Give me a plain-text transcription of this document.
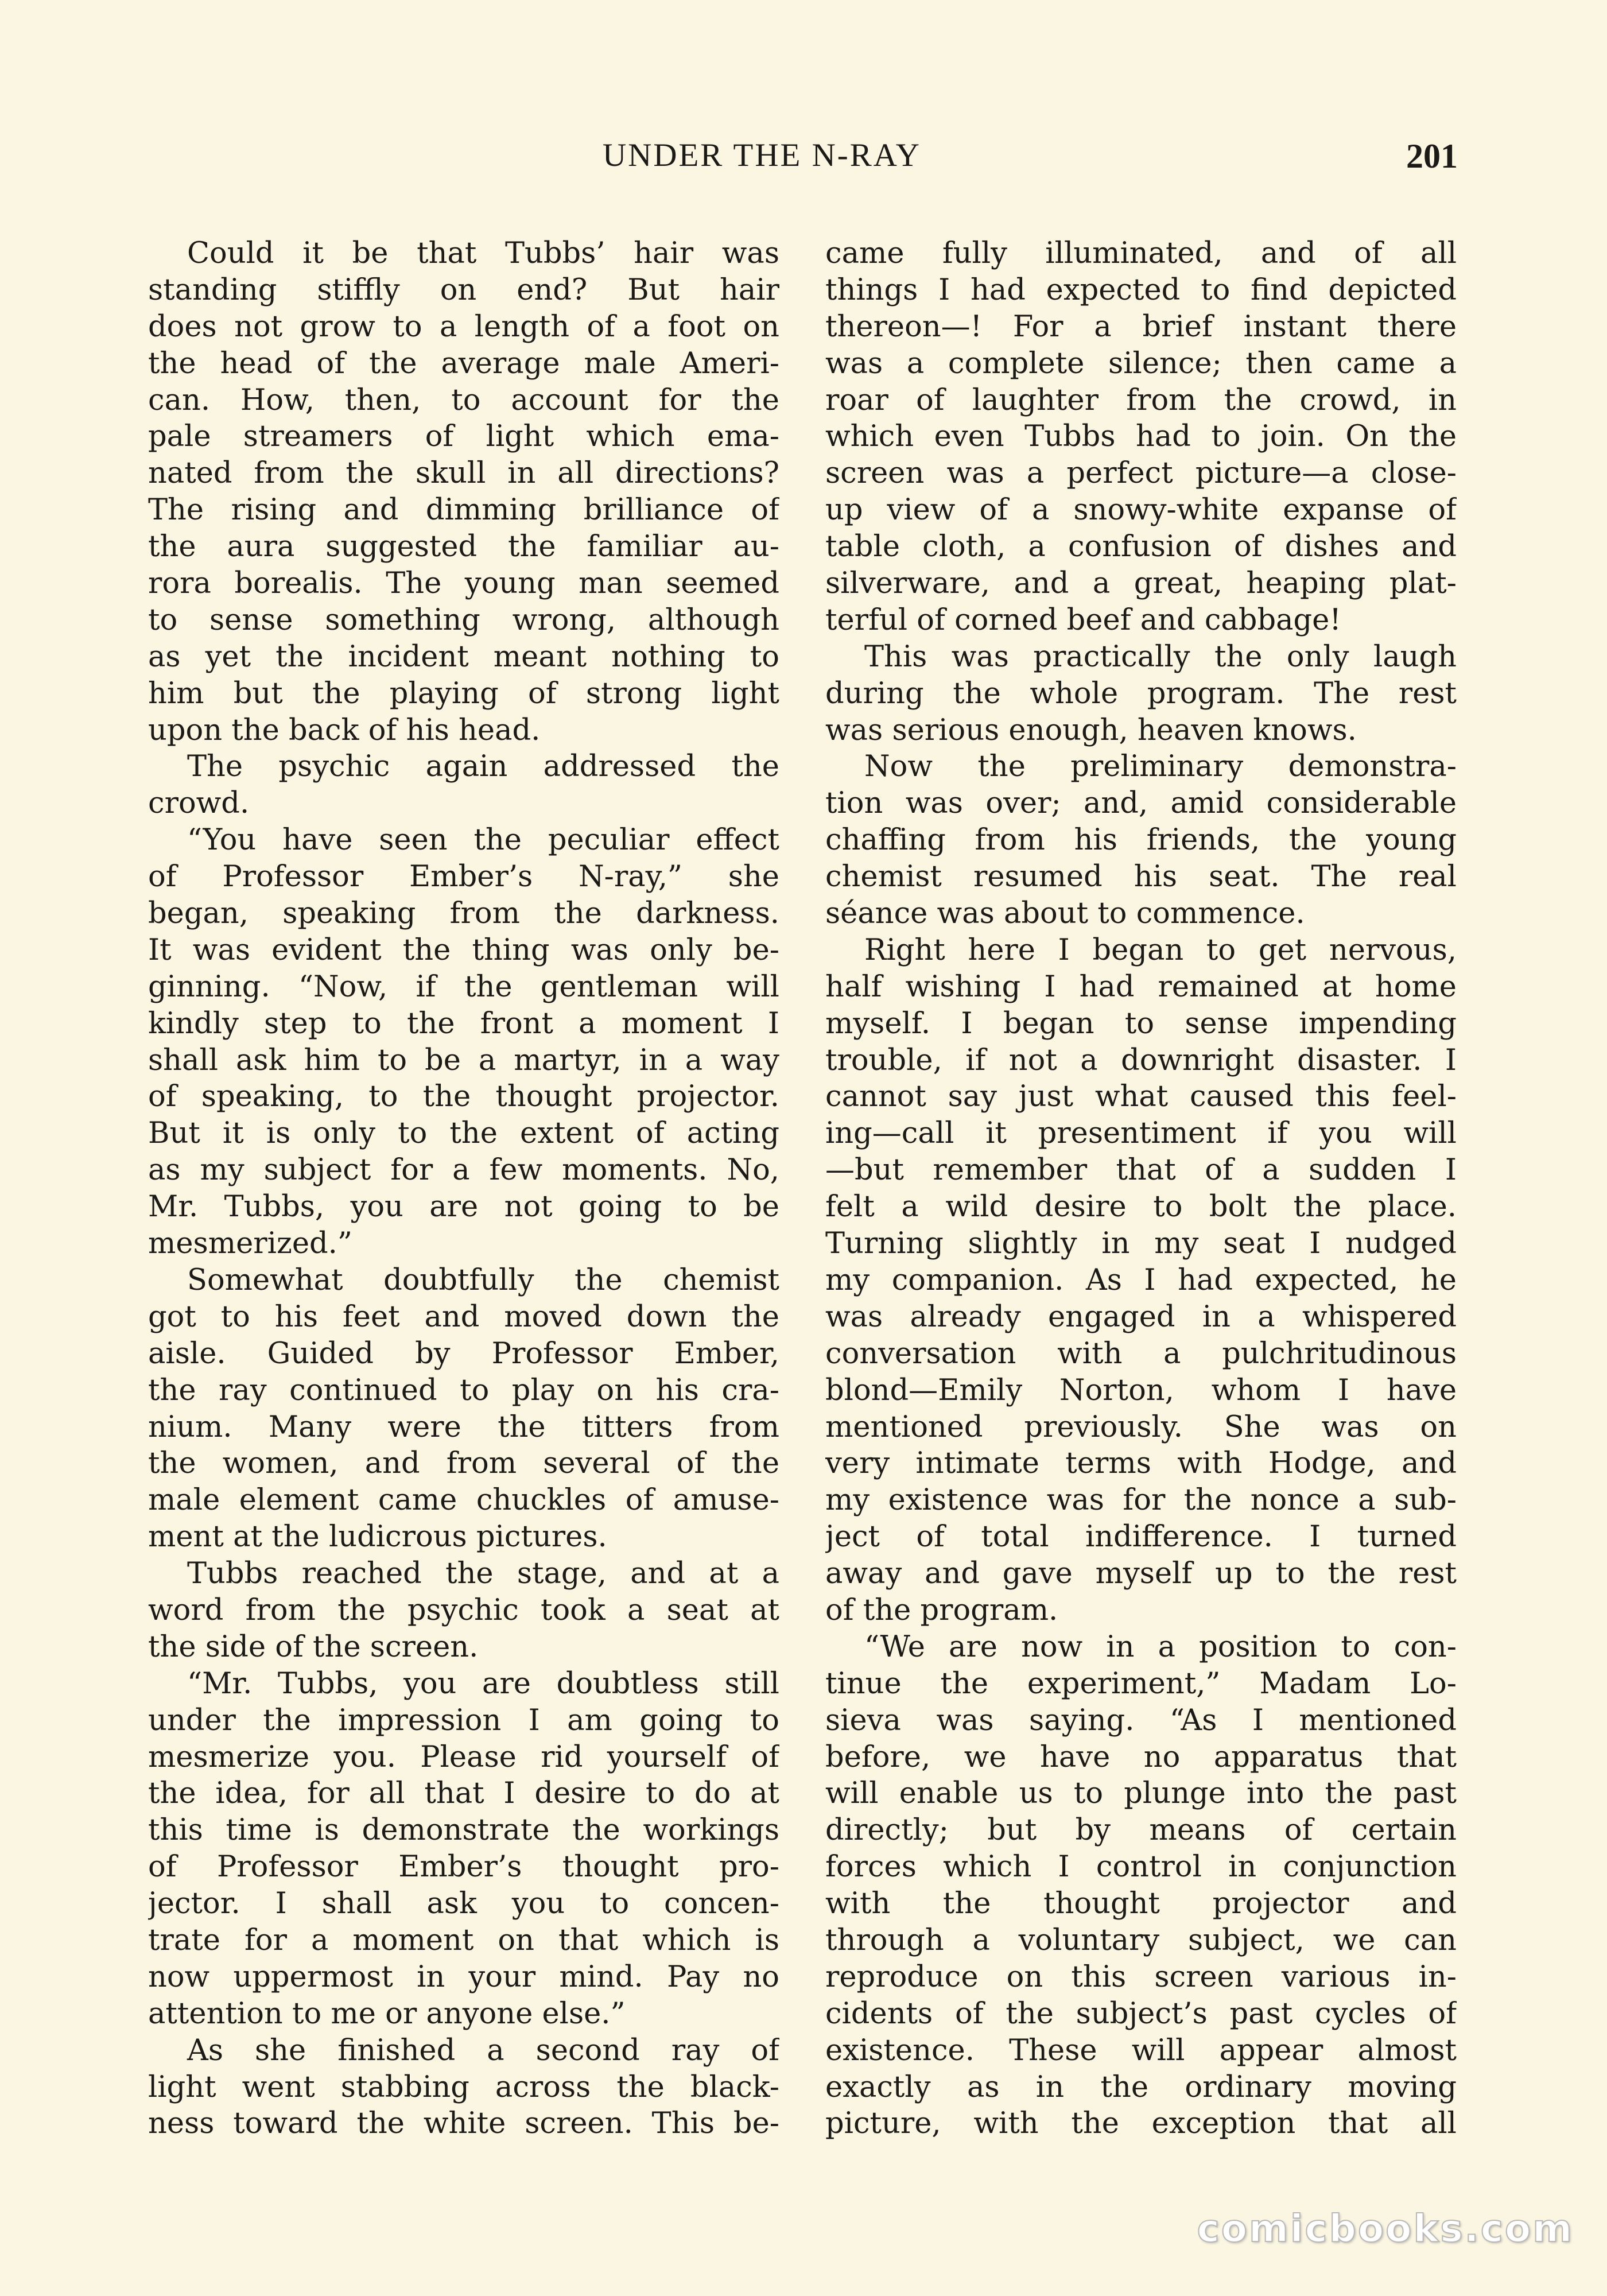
UNDER THE N-RAY	201
Could it be that Tubbs’ hair was
standing stiffly on end? But hair
does not grow to a length of a foot on
the head of the average male Ameri-
can. How, then, to account for the
pale streamers of light which ema-
nated from the skull in all directions?
The rising and dimming brilliance of
the aura suggested the familiar au-
rora borealis. The young man seemed
to sense something wrong, although
as yet the incident meant nothing to
him but the playing of strong light
upon the back of his head.
The psychic again addressed the
crowd.
“You have seen the peculiar effect
of Professor Ember’s N-ray,” she
began, speaking from the darkness.
It was evident the thing was only be-
ginning. “Now, if the gentleman will
kindly step to the front a moment I
shall ask him to be a martyr, in a way
of speaking, to the thought projector.
But it is only to the extent of acting
as my subject for a few moments. No,
Mr. Tubbs, you are not going to be
mesmerized.”
Somewhat doubtfully the chemist
got to his feet and moved down the
aisle. Guided by Professor Ember,
the ray continued to play on his cra-
nium. Many were the titters from
the women, and from several of the
male element came chuckles of amuse-
ment at the ludicrous pictures.
Tubbs reached the stage, and at a
word from the psychic took a seat at
the side of the screen.
“Mr. Tubbs, you are doubtless still
under the impression I am going to
mesmerize you. Please rid yourself of
the idea, for all that I desire to do at
this time is demonstrate the workings
of Professor Ember’s thought pro-
jector. I shall ask you to concen-
trate for a moment on that which is
now uppermost in your mind. Pay no
attention to me or anyone else.”
As she finished a second ray of
light went stabbing across the black-
ness toward the white screen. This be-
came fully illuminated, and of all
things I had expected to find depicted
thereon—! For a brief instant there
was a complete silence; then came a
roar of laughter from the crowd, in
which even Tubbs had to join. On the
screen was a perfect picture—a close-
up view of a snowy-white expanse of
table cloth, a confusion of dishes and
silverware, and a great, heaping plat-
terful of corned beef and cabbage!
This was practically the only laugh
during the whole program. The rest
was serious enough, heaven knows.
Now the preliminary demonstra-
tion was over; and, amid considerable
chaffing from his friends, the young
chemist resumed his seat. The real
séance was about to commence.
Right here I began to get nervous,
half wishing I had remained at home
myself. I began to sense impending
trouble, if not a downright disaster. I
cannot say just what caused this feel-
ing—call it presentiment if you will
—but remember that of a sudden I
felt a wild desire to bolt the place.
Turning slightly in my seat I nudged
my companion. As I had expected, he
was already engaged in a whispered
conversation with a pulchritudinous
blond—Emily Norton, whom I have
mentioned previously. She was on
very intimate terms with Hodge, and
my existence was for the nonce a sub-
ject of total indifference. I turned
away and gave myself up to the rest
of the program.
“We are now in a position to con-
tinue the experiment,” Madam Lo-
sieva was saying. “As I mentioned
before, we have no apparatus that
will enable us to plunge into the past
directly; but by means of certain
forces which I control in conjunction
with the thought projector and
through a voluntary subject, we can
reproduce on this screen various in-
cidents of the subject’s past cycles of
existence. These will appear almost
exactly as in the ordinary moving
picture, with the exception that all
comicbooks.com
